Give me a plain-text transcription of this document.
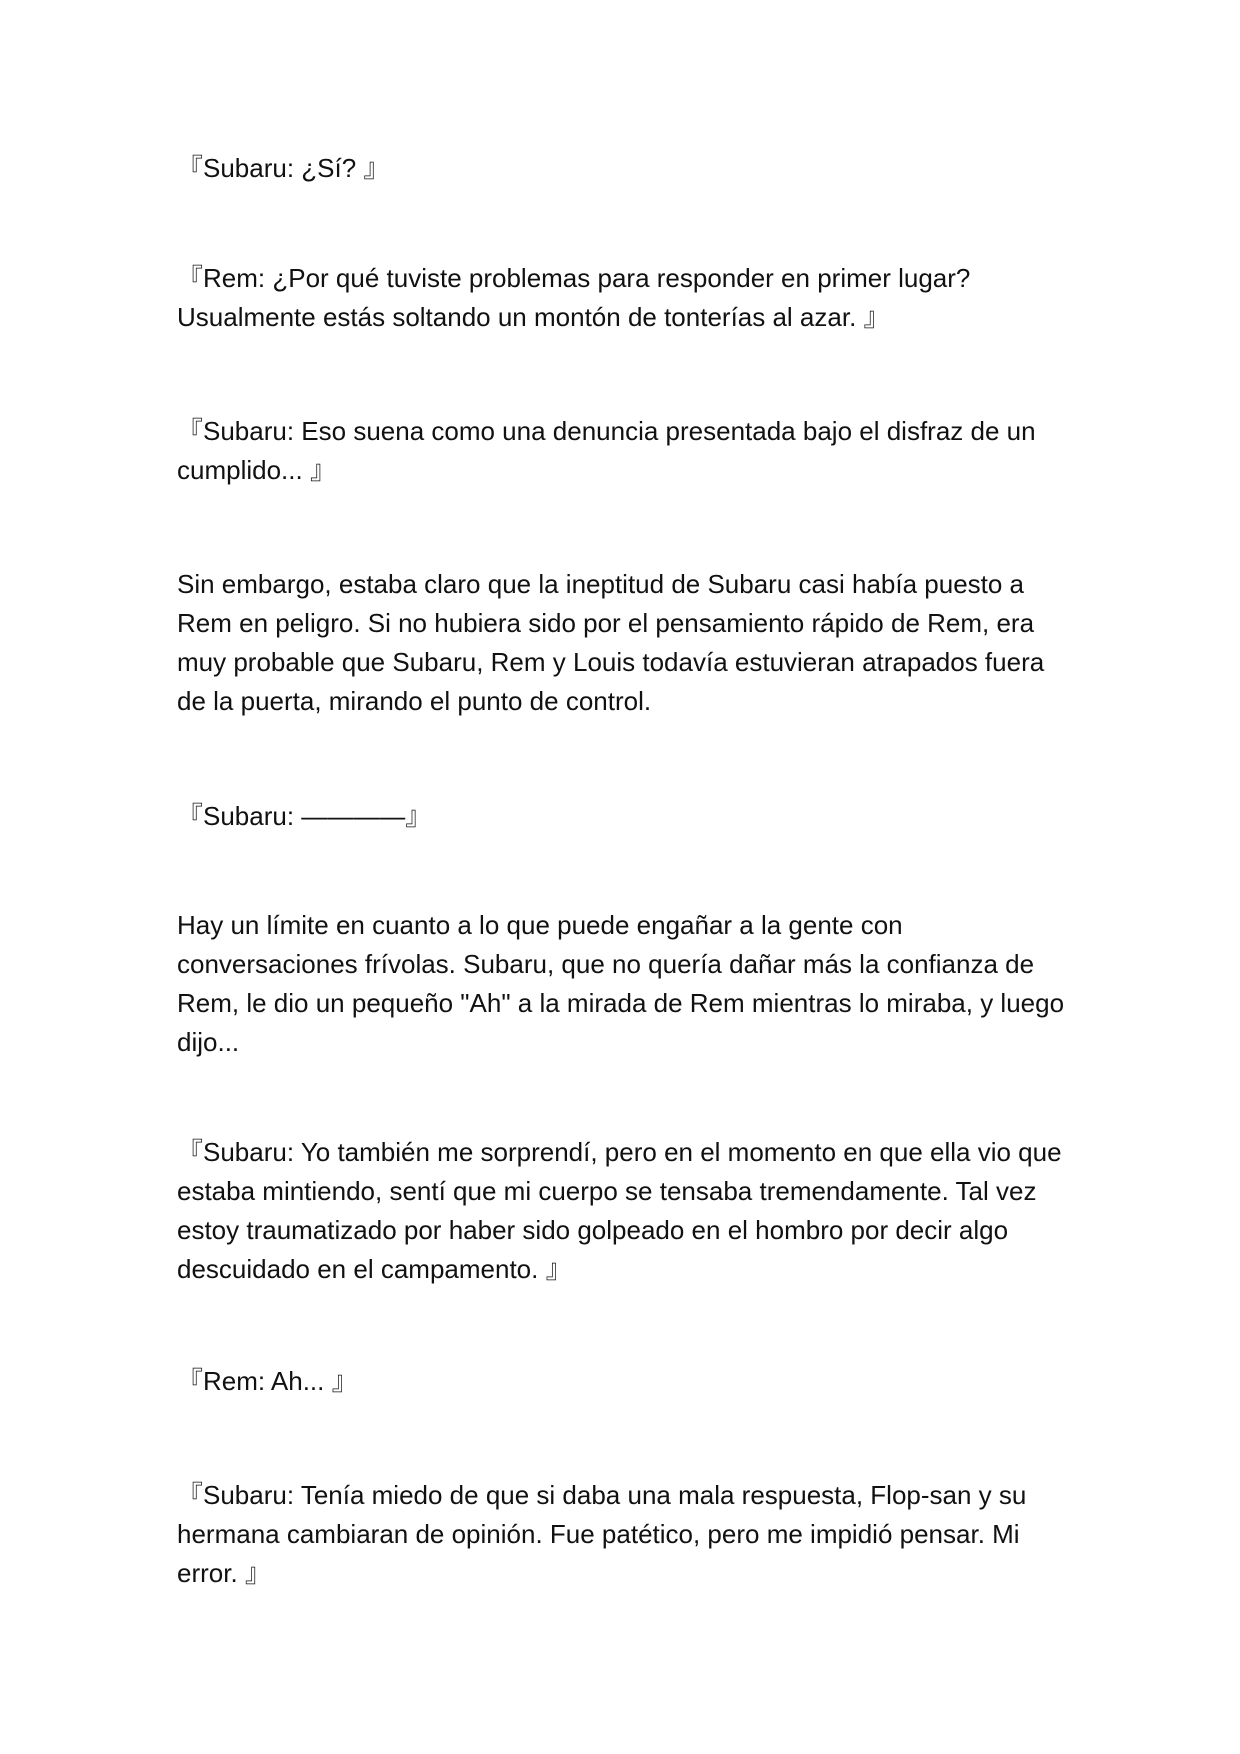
『Subaru: ¿Sí? 』

『Rem: ¿Por qué tuviste problemas para responder en primer lugar? Usualmente estás soltando un montón de tonterías al azar. 』

『Subaru: Eso suena como una denuncia presentada bajo el disfraz de un cumplido... 』

Sin embargo, estaba claro que la ineptitud de Subaru casi había puesto a Rem en peligro. Si no hubiera sido por el pensamiento rápido de Rem, era muy probable que Subaru, Rem y Louis todavía estuvieran atrapados fuera de la puerta, mirando el punto de control.

『Subaru: ————』

Hay un límite en cuanto a lo que puede engañar a la gente con conversaciones frívolas. Subaru, que no quería dañar más la confianza de Rem, le dio un pequeño "Ah" a la mirada de Rem mientras lo miraba, y luego dijo...

『Subaru: Yo también me sorprendí, pero en el momento en que ella vio que estaba mintiendo, sentí que mi cuerpo se tensaba tremendamente. Tal vez estoy traumatizado por haber sido golpeado en el hombro por decir algo descuidado en el campamento. 』

『Rem: Ah... 』

『Subaru: Tenía miedo de que si daba una mala respuesta, Flop-san y su hermana cambiaran de opinión. Fue patético, pero me impidió pensar. Mi error. 』
